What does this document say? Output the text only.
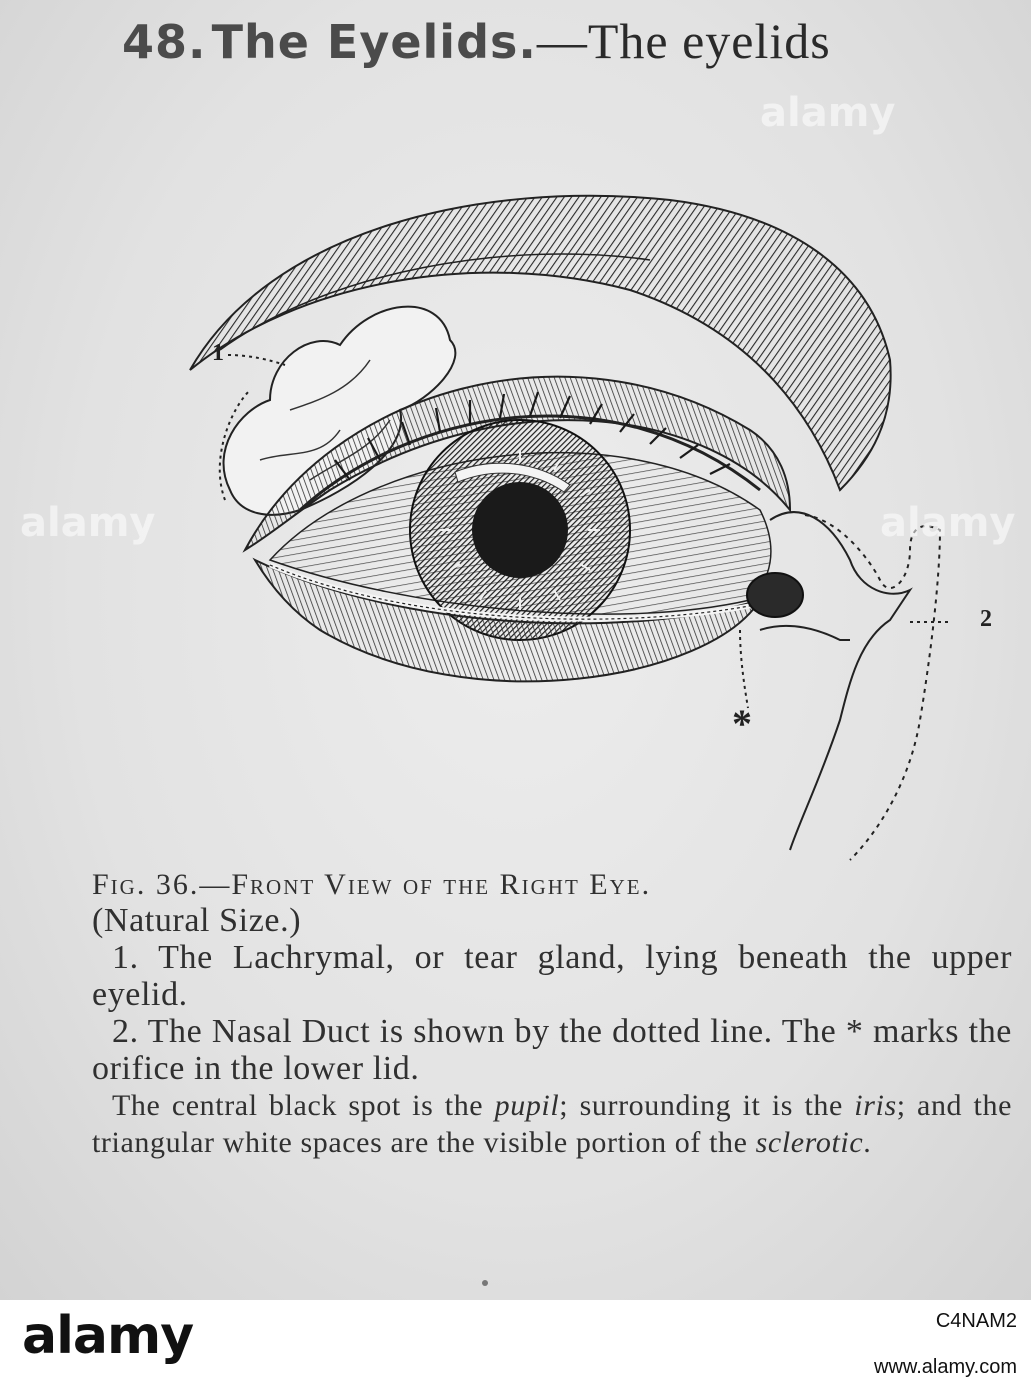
48. The Eyelids.—The eyelids
1
2
*
Fig. 36.—Front View of the Right Eye.

(Natural Size.)

1. The Lachrymal, or tear gland, lying beneath the upper eyelid.

2. The Nasal Duct is shown by the dotted line. The * marks the orifice in the lower lid.

The central black spot is the pupil; surrounding it is the iris; and the triangular white spaces are the visible portion of the sclerotic.

alamy
alamy
alamy
alamy	C4NAM2
www.alamy.com
